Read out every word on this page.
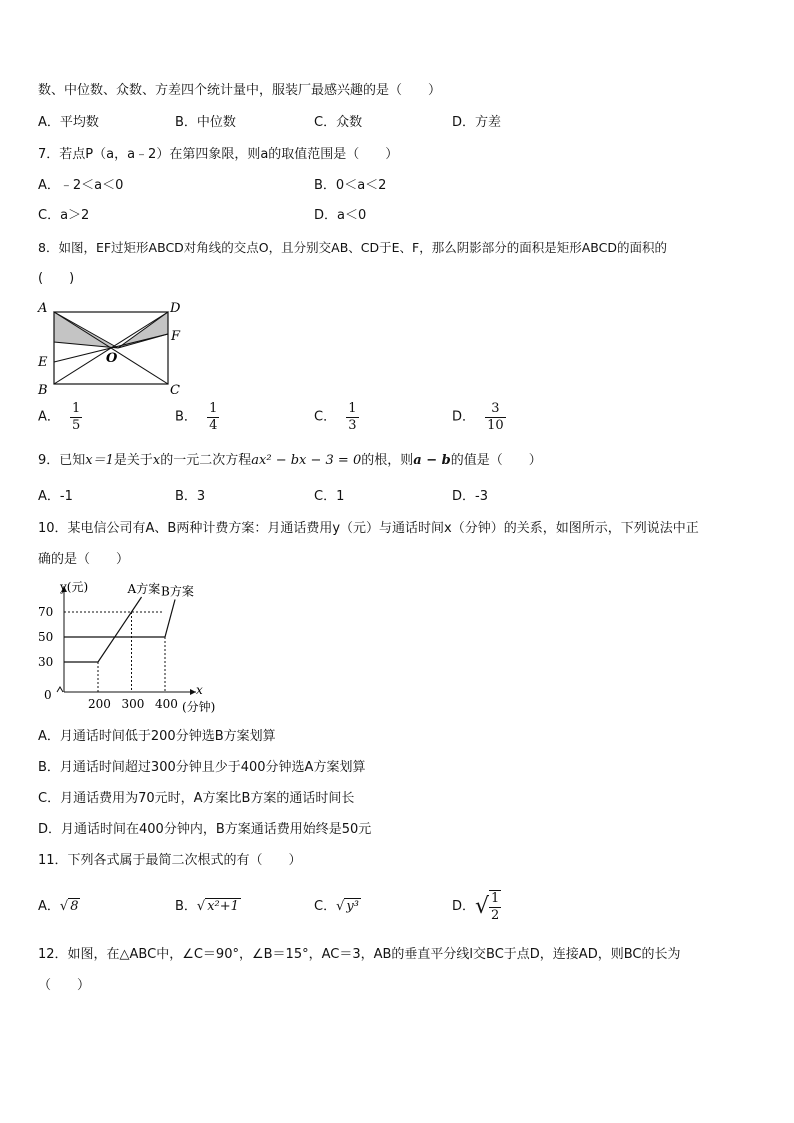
数、中位数、众数、方差四个统计量中，服装厂最感兴趣的是（　　）
A．平均数	B．中位数	C．众数	D．方差
7．若点P（a，a﹣2）在第四象限，则a的取值范围是（　　）
A．﹣2＜a＜0	B．0＜a＜2
C．a＞2	D．a＜0
8．如图，EF过矩形ABCD对角线的交点O，且分别交AB、CD于E、F，那么阴影部分的面积是矩形ABCD的面积的
(　　)
A	D
F
E	O
B	C
A． $\frac{1}{5}$	B． $\frac{1}{4}$	C． $\frac{1}{3}$	D． $\frac{3}{10}$
9．已知x＝1是关于x的一元二次方程ax² − bx − 3 = 0的根，则a − b的值是（　　）
A．-1	B．3	C．1	D．-3
10．某电信公司有A、B两种计费方案：月通话费用y（元）与通话时间x（分钟）的关系，如图所示，下列说法中正
确的是（　　）
A方案 B方案
200 300 400
70
50
30
y(元)
x
(分钟)
0
A．月通话时间低于200分钟选B方案划算
B．月通话时间超过300分钟且少于400分钟选A方案划算
C．月通话费用为70元时，A方案比B方案的通话时间长
D．月通话时间在400分钟内，B方案通话费用始终是50元
11．下列各式属于最简二次根式的有（　　）
A．√ 8	B．√ x²+1	C．√ y³	D．√ $\frac{1}{2}$
12．如图，在△ABC中，∠C＝90°，∠B＝15°，AC＝3，AB的垂直平分线l交BC于点D，连接AD，则BC的长为
（　　）
